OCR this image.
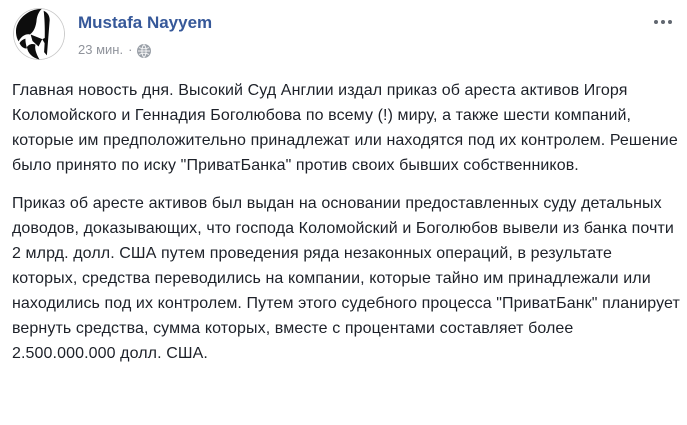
Mustafa Nayyem
23 мин. ·

Главная новость дня. Высокий Суд Англии издал приказ об ареста активов Игоря Коломойского и Геннадия Боголюбова по всему (!) миру, а также шести компаний, которые им предположительно принадлежат или находятся под их контролем. Решение было принято по иску "ПриватБанка" против своих бывших собственников.

Приказ об аресте активов был выдан на основании предоставленных суду детальных доводов, доказывающих, что господа Коломойский и Боголюбов вывели из банка почти 2 млрд. долл. США путем проведения ряда незаконных операций, в результате которых, средства переводились на компании, которые тайно им принадлежали или находились под их контролем. Путем этого судебного процесса "ПриватБанк" планирует вернуть средства, сумма которых, вместе с процентами составляет более 2.500.000.000 долл. США.
